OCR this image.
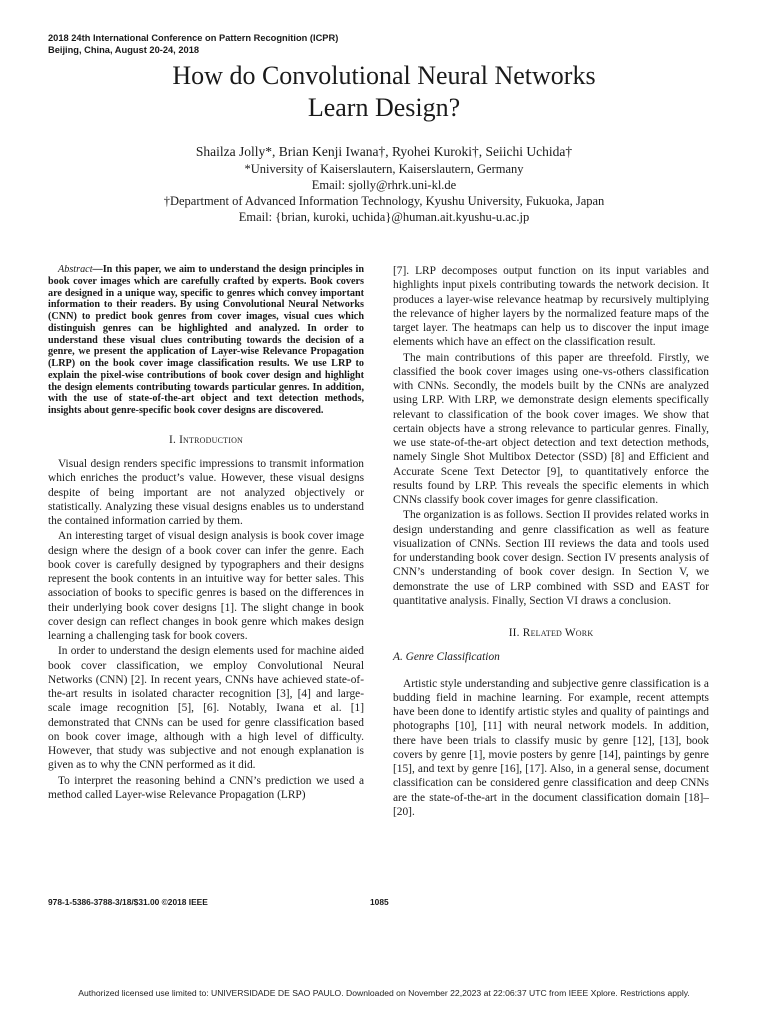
2018 24th International Conference on Pattern Recognition (ICPR)
Beijing, China, August 20-24, 2018
How do Convolutional Neural Networks
Learn Design?
Shailza Jolly*, Brian Kenji Iwana†, Ryohei Kuroki†, Seiichi Uchida†
*University of Kaiserslautern, Kaiserslautern, Germany
Email: sjolly@rhrk.uni-kl.de
†Department of Advanced Information Technology, Kyushu University, Fukuoka, Japan
Email: {brian, kuroki, uchida}@human.ait.kyushu-u.ac.jp

Abstract—In this paper, we aim to understand the design principles in book cover images which are carefully crafted by experts. Book covers are designed in a unique way, specific to genres which convey important information to their readers. By using Convolutional Neural Networks (CNN) to predict book genres from cover images, visual cues which distinguish genres can be highlighted and analyzed. In order to understand these visual clues contributing towards the decision of a genre, we present the application of Layer-wise Relevance Propagation (LRP) on the book cover image classification results. We use LRP to explain the pixel-wise contributions of book cover design and highlight the design elements contributing towards particular genres. In addition, with the use of state-of-the-art object and text detection methods, insights about genre-specific book cover designs are discovered.

I. Introduction

Visual design renders specific impressions to transmit information which enriches the product’s value. However, these visual designs despite of being important are not analyzed objectively or statistically. Analyzing these visual designs enables us to understand the contained information carried by them.

An interesting target of visual design analysis is book cover image design where the design of a book cover can infer the genre. Each book cover is carefully designed by typographers and their designs represent the book contents in an intuitive way for better sales. This association of books to specific genres is based on the differences in their underlying book cover designs [1]. The slight change in book cover design can reflect changes in book genre which makes design learning a challenging task for book covers.

In order to understand the design elements used for machine aided book cover classification, we employ Convolutional Neural Networks (CNN) [2]. In recent years, CNNs have achieved state-of-the-art results in isolated character recognition [3], [4] and large-scale image recognition [5], [6]. Notably, Iwana et al. [1] demonstrated that CNNs can be used for genre classification based on book cover image, although with a high level of difficulty. However, that study was subjective and not enough explanation is given as to why the CNN performed as it did.

To interpret the reasoning behind a CNN’s prediction we used a method called Layer-wise Relevance Propagation (LRP)

[7]. LRP decomposes output function on its input variables and highlights input pixels contributing towards the network decision. It produces a layer-wise relevance heatmap by recursively multiplying the relevance of higher layers by the normalized feature maps of the target layer. The heatmaps can help us to discover the input image elements which have an effect on the classification result.

The main contributions of this paper are threefold. Firstly, we classified the book cover images using one-vs-others classification with CNNs. Secondly, the models built by the CNNs are analyzed using LRP. With LRP, we demonstrate design elements specifically relevant to classification of the book cover images. We show that certain objects have a strong relevance to particular genres. Finally, we use state-of-the-art object detection and text detection methods, namely Single Shot Multibox Detector (SSD) [8] and Efficient and Accurate Scene Text Detector [9], to quantitatively enforce the results found by LRP. This reveals the specific elements in which CNNs classify book cover images for genre classification.

The organization is as follows. Section II provides related works in design understanding and genre classification as well as feature visualization of CNNs. Section III reviews the data and tools used for understanding book cover design. Section IV presents analysis of CNN’s understanding of book cover design. In Section V, we demonstrate the use of LRP combined with SSD and EAST for quantitative analysis. Finally, Section VI draws a conclusion.

II. Related Work
A. Genre Classification

Artistic style understanding and subjective genre classification is a budding field in machine learning. For example, recent attempts have been done to identify artistic styles and quality of paintings and photographs [10], [11] with neural network models. In addition, there have been trials to classify music by genre [12], [13], book covers by genre [1], movie posters by genre [14], paintings by genre [15], and text by genre [16], [17]. Also, in a general sense, document classification can be considered genre classification and deep CNNs are the state-of-the-art in the document classification domain [18]–[20].

978-1-5386-3788-3/18/$31.00 ©2018 IEEE	1085
Authorized licensed use limited to: UNIVERSIDADE DE SAO PAULO. Downloaded on November 22,2023 at 22:06:37 UTC from IEEE Xplore. Restrictions apply.
